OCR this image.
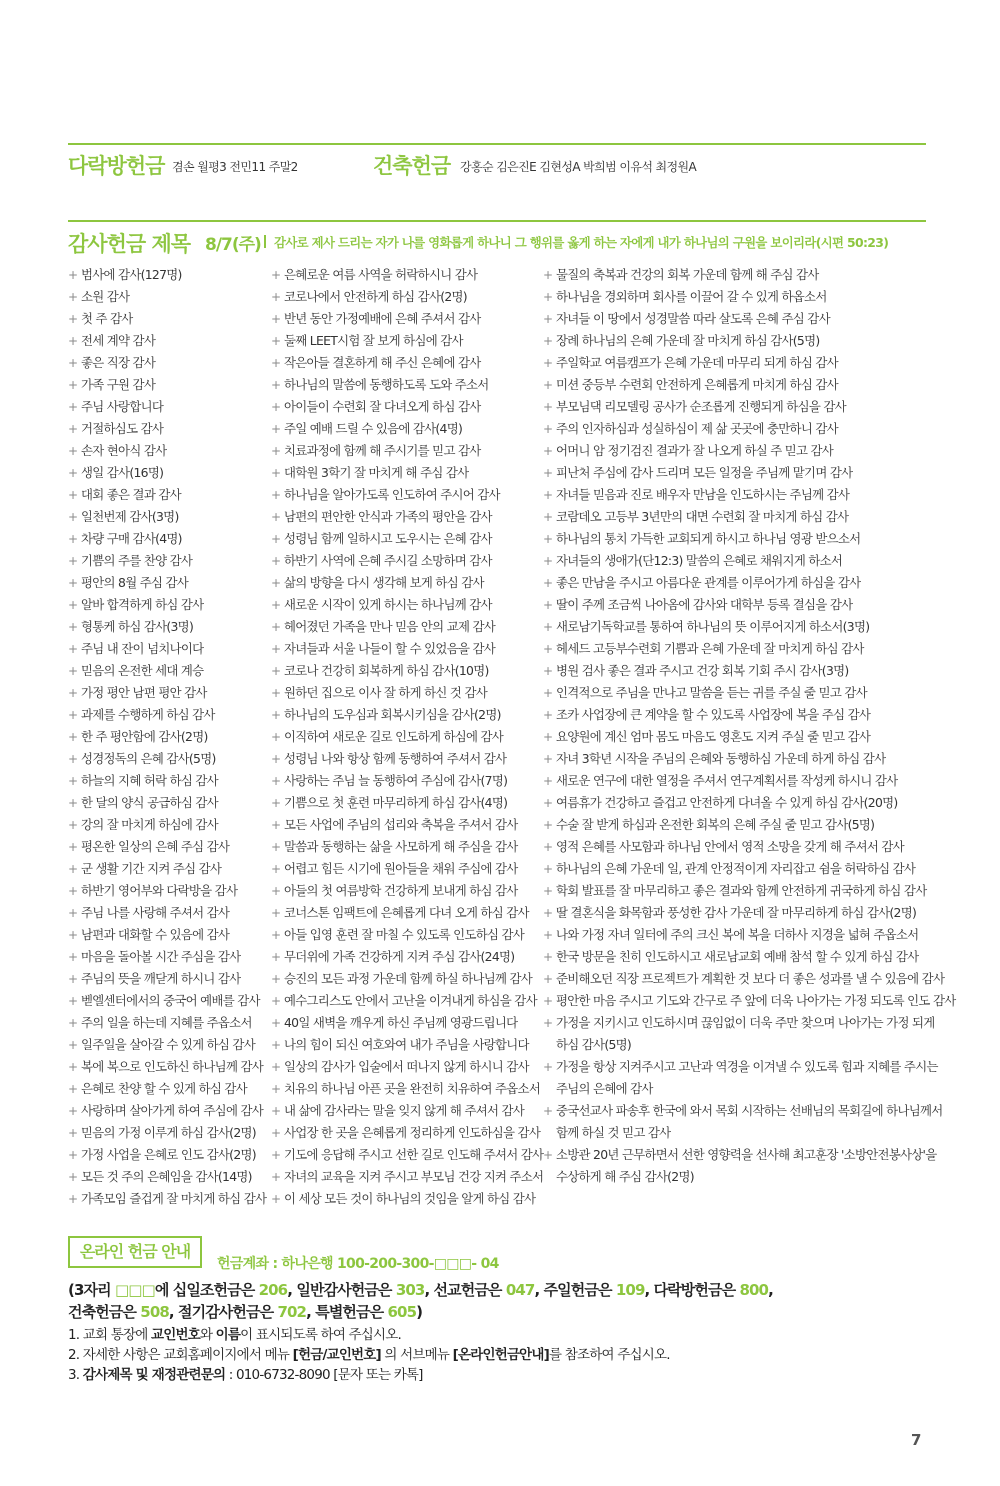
다락방헌금 겸손 월평3 전민11 주말2	건축헌금 강홍순 김은진E 김현성A 박희범 이유석 최정원A
감사헌금 제목 8/7(주) 감사로 제사 드리는 자가 나를 영화롭게 하나니 그 행위를 옳게 하는 자에게 내가 하나님의 구원을 보이리라(시편 50:23)
+ 범사에 감사(127명)
+ 소원 감사
+ 첫 주 감사
+ 전세 계약 감사
+ 좋은 직장 감사
+ 가족 구원 감사
+ 주님 사랑합니다
+ 거절하심도 감사
+ 손자 현아식 감사
+ 생일 감사(16명)
+ 대회 좋은 결과 감사
+ 일천번제 감사(3명)
+ 차량 구매 감사(4명)
+ 기쁨의 주를 찬양 감사
+ 평안의 8월 주심 감사
+ 알바 합격하게 하심 감사
+ 형통케 하심 감사(3명)
+ 주님 내 잔이 넘치나이다
+ 믿음의 온전한 세대 계승
+ 가정 평안 남편 평안 감사
+ 과제를 수행하게 하심 감사
+ 한 주 평안함에 감사(2명)
+ 성경정독의 은혜 감사(5명)
+ 하늘의 지혜 허락 하심 감사
+ 한 달의 양식 공급하심 감사
+ 강의 잘 마치게 하심에 감사
+ 평온한 일상의 은혜 주심 감사
+ 군 생활 기간 지켜 주심 감사
+ 하반기 영어부와 다락방을 감사
+ 주님 나를 사랑해 주셔서 감사
+ 남편과 대화할 수 있음에 감사
+ 마음을 돌아볼 시간 주심을 감사
+ 주님의 뜻을 깨닫게 하시니 감사
+ 벧엘센터에서의 중국어 예배를 감사
+ 주의 일을 하는데 지혜를 주옵소서
+ 일주일을 살아갈 수 있게 하심 감사
+ 복에 복으로 인도하신 하나님께 감사
+ 은혜로 찬양 할 수 있게 하심 감사
+ 사랑하며 살아가게 하여 주심에 감사
+ 믿음의 가정 이루게 하심 감사(2명)
+ 가정 사업을 은혜로 인도 감사(2명)
+ 모든 것 주의 은혜임을 감사(14명)
+ 가족모임 즐겁게 잘 마치게 하심 감사
+ 은혜로운 여름 사역을 허락하시니 감사
+ 코로나에서 안전하게 하심 감사(2명)
+ 반년 동안 가정예배에 은혜 주셔서 감사
+ 둘째 LEET시험 잘 보게 하심에 감사
+ 작은아들 결혼하게 해 주신 은혜에 감사
+ 하나님의 말씀에 동행하도록 도와 주소서
+ 아이들이 수련회 잘 다녀오게 하심 감사
+ 주일 예배 드릴 수 있음에 감사(4명)
+ 치료과정에 함께 해 주시기를 믿고 감사
+ 대학원 3학기 잘 마치게 해 주심 감사
+ 하나님을 알아가도록 인도하여 주시어 감사
+ 남편의 편안한 안식과 가족의 평안을 감사
+ 성령님 함께 일하시고 도우시는 은혜 감사
+ 하반기 사역에 은혜 주시길 소망하며 감사
+ 삶의 방향을 다시 생각해 보게 하심 감사
+ 새로운 시작이 있게 하시는 하나님께 감사
+ 헤어졌던 가족을 만나 믿음 안의 교제 감사
+ 자녀들과 서울 나들이 할 수 있었음을 감사
+ 코로나 건강히 회복하게 하심 감사(10명)
+ 원하던 집으로 이사 잘 하게 하신 것 감사
+ 하나님의 도우심과 회복시키심을 감사(2명)
+ 이직하여 새로운 길로 인도하게 하심에 감사
+ 성령님 나와 항상 함께 동행하여 주셔서 감사
+ 사랑하는 주님 늘 동행하여 주심에 감사(7명)
+ 기쁨으로 첫 훈련 마무리하게 하심 감사(4명)
+ 모든 사업에 주님의 섭리와 축복을 주셔서 감사
+ 말씀과 동행하는 삶을 사모하게 해 주심을 감사
+ 어렵고 힘든 시기에 원아들을 채워 주심에 감사
+ 아들의 첫 여름방학 건강하게 보내게 하심 감사
+ 코너스톤 임팩트에 은혜롭게 다녀 오게 하심 감사
+ 아들 입영 훈련 잘 마칠 수 있도록 인도하심 감사
+ 무더위에 가족 건강하게 지켜 주심 감사(24명)
+ 승진의 모든 과정 가운데 함께 하실 하나님께 감사
+ 예수그리스도 안에서 고난을 이겨내게 하심을 감사
+ 40일 새벽을 깨우게 하신 주님께 영광드립니다
+ 나의 힘이 되신 여호와여 내가 주님을 사랑합니다
+ 일상의 감사가 입술에서 떠나지 않게 하시니 감사
+ 치유의 하나님 아픈 곳을 완전히 치유하여 주옵소서
+ 내 삶에 감사라는 말을 잊지 않게 해 주셔서 감사
+ 사업장 한 곳을 은혜롭게 정리하게 인도하심을 감사
+ 기도에 응답해 주시고 선한 길로 인도해 주셔서 감사
+ 자녀의 교육을 지켜 주시고 부모님 건강 지켜 주소서
+ 이 세상 모든 것이 하나님의 것임을 알게 하심 감사
+ 물질의 축복과 건강의 회복 가운데 함께 해 주심 감사
+ 하나님을 경외하며 회사를 이끌어 갈 수 있게 하옵소서
+ 자녀들 이 땅에서 성경말씀 따라 살도록 은혜 주심 감사
+ 장례 하나님의 은혜 가운데 잘 마치게 하심 감사(5명)
+ 주일학교 여름캠프가 은혜 가운데 마무리 되게 하심 감사
+ 미션 중등부 수련회 안전하게 은혜롭게 마치게 하심 감사
+ 부모님댁 리모델링 공사가 순조롭게 진행되게 하심을 감사
+ 주의 인자하심과 성실하심이 제 삶 곳곳에 충만하니 감사
+ 어머니 암 정기검진 결과가 잘 나오게 하실 주 믿고 감사
+ 피난처 주심에 감사 드리며 모든 일정을 주님께 맡기며 감사
+ 자녀들 믿음과 진로 배우자 만남을 인도하시는 주님께 감사
+ 코람데오 고등부 3년만의 대면 수련회 잘 마치게 하심 감사
+ 하나님의 통치 가득한 교회되게 하시고 하나님 영광 받으소서
+ 자녀들의 생애가(단12:3) 말씀의 은혜로 채워지게 하소서
+ 좋은 만남을 주시고 아름다운 관계를 이루어가게 하심을 감사
+ 딸이 주께 조금씩 나아옴에 감사와 대학부 등록 결심을 감사
+ 새로남기독학교를 통하여 하나님의 뜻 이루어지게 하소서(3명)
+ 헤세드 고등부수련회 기쁨과 은혜 가운데 잘 마치게 하심 감사
+ 병원 검사 좋은 결과 주시고 건강 회복 기회 주시 감사(3명)
+ 인격적으로 주님을 만나고 말씀을 듣는 귀를 주실 줄 믿고 감사
+ 조카 사업장에 큰 계약을 할 수 있도록 사업장에 복을 주심 감사
+ 요양원에 계신 엄마 몸도 마음도 영혼도 지켜 주실 줄 믿고 감사
+ 자녀 3학년 시작을 주님의 은혜와 동행하심 가운데 하게 하심 감사
+ 새로운 연구에 대한 열정을 주셔서 연구계획서를 작성케 하시니 감사
+ 여름휴가 건강하고 즐겁고 안전하게 다녀올 수 있게 하심 감사(20명)
+ 수술 잘 받게 하심과 온전한 회복의 은혜 주실 줄 믿고 감사(5명)
+ 영적 은혜를 사모함과 하나님 안에서 영적 소망을 갖게 해 주셔서 감사
+ 하나님의 은혜 가운데 일, 관계 안정적이게 자리잡고 쉼을 허락하심 감사
+ 학회 발표를 잘 마무리하고 좋은 결과와 함께 안전하게 귀국하게 하심 감사
+ 딸 결혼식을 화목함과 풍성한 감사 가운데 잘 마무리하게 하심 감사(2명)
+ 나와 가정 자녀 일터에 주의 크신 복에 복을 더하사 지경을 넓혀 주옵소서
+ 한국 방문을 친히 인도하시고 새로남교회 예배 참석 할 수 있게 하심 감사
+ 준비해오던 직장 프로젝트가 계획한 것 보다 더 좋은 성과를 낼 수 있음에 감사
+ 평안한 마음 주시고 기도와 간구로 주 앞에 더욱 나아가는 가정 되도록 인도 감사
+ 가정을 지키시고 인도하시며 끊임없이 더욱 주만 찾으며 나아가는 가정 되게
하심 감사(5명)
+ 가정을 항상 지켜주시고 고난과 역경을 이겨낼 수 있도록 힘과 지혜를 주시는
주님의 은혜에 감사
+ 중국선교사 파송후 한국에 와서 목회 시작하는 선배님의 목회길에 하나님께서
함께 하실 것 믿고 감사
+ 소방관 20년 근무하면서 선한 영향력을 선사해 최고훈장 '소방안전봉사상'을
수상하게 해 주심 감사(2명)
온라인 헌금 안내
헌금계좌 : 하나은행 100-200-300-□□□- 04
(3자리 □□□에 십일조헌금은 206, 일반감사헌금은 303, 선교헌금은 047, 주일헌금은 109, 다락방헌금은 800,
건축헌금은 508, 절기감사헌금은 702, 특별헌금은 605)
1. 교회 통장에 교인번호와 이름이 표시되도록 하여 주십시오.
2. 자세한 사항은 교회홈페이지에서 메뉴 [헌금/교인번호] 의 서브메뉴 [온라인헌금안내]를 참조하여 주십시오.
3. 감사제목 및 재정관련문의 : 010-6732-8090 [문자 또는 카톡]
7
